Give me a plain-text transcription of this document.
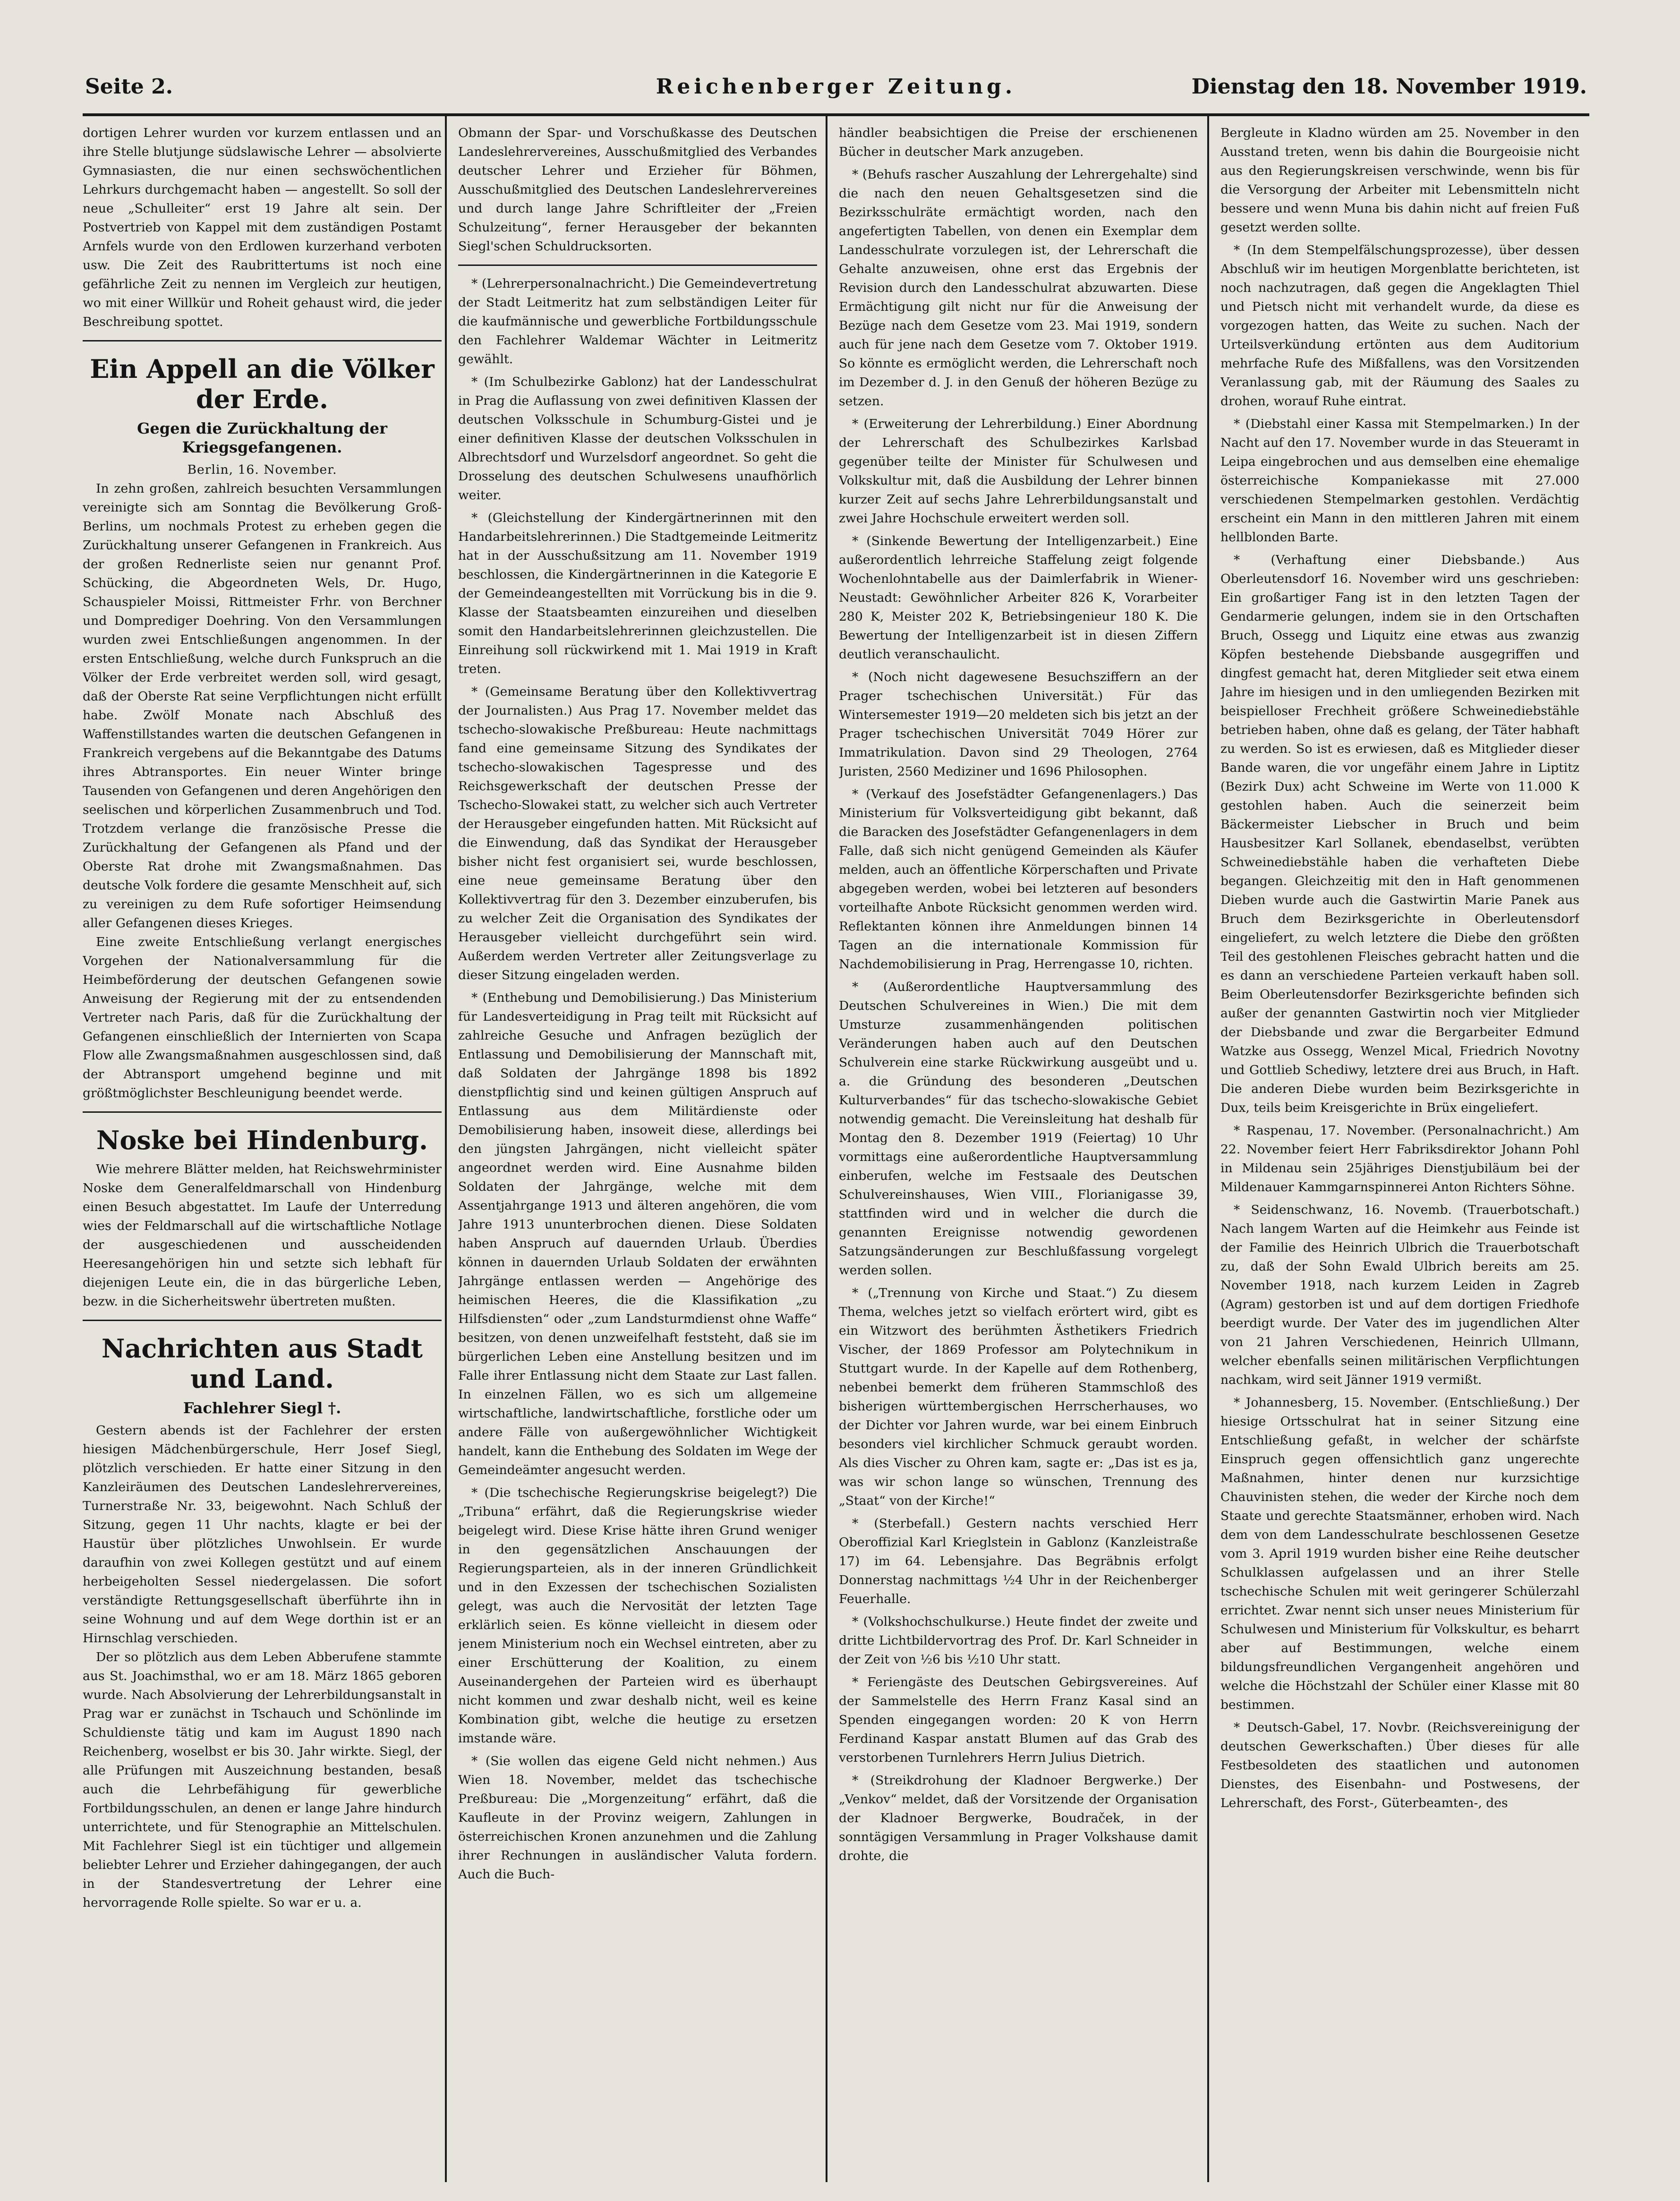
Seite 2.	Reichenberger Zeitung.	Dienstag den 18. November 1919.

dortigen Lehrer wurden vor kurzem entlassen und an ihre Stelle blutjunge südslawische Lehrer — absolvierte Gymnasiasten, die nur einen sechswöchentlichen Lehrkurs durchgemacht haben — angestellt. So soll der neue „Schulleiter“ erst 19 Jahre alt sein. Der Postvertrieb von Kappel mit dem zuständigen Postamt Arnfels wurde von den Erdlowen kurzerhand verboten usw. Die Zeit des Raubrittertums ist noch eine gefährliche Zeit zu nennen im Vergleich zur heutigen, wo mit einer Willkür und Roheit gehaust wird, die jeder Beschreibung spottet.

Ein Appell an die Völker der Erde.
Gegen die Zurückhaltung der Kriegsgefangenen.

Berlin, 16. November.

In zehn großen, zahlreich besuchten Versammlungen vereinigte sich am Sonntag die Bevölkerung Groß-Berlins, um nochmals Protest zu erheben gegen die Zurückhaltung unserer Gefangenen in Frankreich. Aus der großen Rednerliste seien nur genannt Prof. Schücking, die Abgeordneten Wels, Dr. Hugo, Schauspieler Moissi, Rittmeister Frhr. von Berchner und Domprediger Doehring. Von den Versammlungen wurden zwei Entschließungen angenommen. In der ersten Entschließung, welche durch Funkspruch an die Völker der Erde verbreitet werden soll, wird gesagt, daß der Oberste Rat seine Verpflichtungen nicht erfüllt habe. Zwölf Monate nach Abschluß des Waffenstillstandes warten die deutschen Gefangenen in Frankreich vergebens auf die Bekanntgabe des Datums ihres Abtransportes. Ein neuer Winter bringe Tausenden von Gefangenen und deren Angehörigen den seelischen und körperlichen Zusammenbruch und Tod. Trotzdem verlange die französische Presse die Zurückhaltung der Gefangenen als Pfand und der Oberste Rat drohe mit Zwangsmaßnahmen. Das deutsche Volk fordere die gesamte Menschheit auf, sich zu vereinigen zu dem Rufe sofortiger Heimsendung aller Gefangenen dieses Krieges.

Eine zweite Entschließung verlangt energisches Vorgehen der Nationalversammlung für die Heimbeförderung der deutschen Gefangenen sowie Anweisung der Regierung mit der zu entsendenden Vertreter nach Paris, daß für die Zurückhaltung der Gefangenen einschließlich der Internierten von Scapa Flow alle Zwangsmaßnahmen ausgeschlossen sind, daß der Abtransport umgehend beginne und mit größtmöglichster Beschleunigung beendet werde.

Noske bei Hindenburg.

Wie mehrere Blätter melden, hat Reichswehrminister Noske dem Generalfeldmarschall von Hindenburg einen Besuch abgestattet. Im Laufe der Unterredung wies der Feldmarschall auf die wirtschaftliche Notlage der ausgeschiedenen und ausscheidenden Heeresangehörigen hin und setzte sich lebhaft für diejenigen Leute ein, die in das bürgerliche Leben, bezw. in die Sicherheitswehr übertreten mußten.

Nachrichten aus Stadt und Land.
Fachlehrer Siegl †.

Gestern abends ist der Fachlehrer der ersten hiesigen Mädchenbürgerschule, Herr Josef Siegl, plötzlich verschieden. Er hatte einer Sitzung in den Kanzleiräumen des Deutschen Landeslehrervereines, Turnerstraße Nr. 33, beigewohnt. Nach Schluß der Sitzung, gegen 11 Uhr nachts, klagte er bei der Haustür über plötzliches Unwohlsein. Er wurde daraufhin von zwei Kollegen gestützt und auf einem herbeigeholten Sessel niedergelassen. Die sofort verständigte Rettungsgesellschaft überführte ihn in seine Wohnung und auf dem Wege dorthin ist er an Hirnschlag verschieden.

Der so plötzlich aus dem Leben Abberufene stammte aus St. Joachimsthal, wo er am 18. März 1865 geboren wurde. Nach Absolvierung der Lehrerbildungsanstalt in Prag war er zunächst in Tschauch und Schönlinde im Schuldienste tätig und kam im August 1890 nach Reichenberg, woselbst er bis 30. Jahr wirkte. Siegl, der alle Prüfungen mit Auszeichnung bestanden, besaß auch die Lehrbefähigung für gewerbliche Fortbildungsschulen, an denen er lange Jahre hindurch unterrichtete, und für Stenographie an Mittelschulen. Mit Fachlehrer Siegl ist ein tüchtiger und allgemein beliebter Lehrer und Erzieher dahingegangen, der auch in der Standesvertretung der Lehrer eine hervorragende Rolle spielte. So war er u. a.

Obmann der Spar- und Vorschußkasse des Deutschen Landeslehrervereines, Ausschußmitglied des Verbandes deutscher Lehrer und Erzieher für Böhmen, Ausschußmitglied des Deutschen Landeslehrervereines und durch lange Jahre Schriftleiter der „Freien Schulzeitung“, ferner Herausgeber der bekannten Siegl'schen Schuldrucksorten.

* (Lehrerpersonalnachricht.) Die Gemeindevertretung der Stadt Leitmeritz hat zum selbständigen Leiter für die kaufmännische und gewerbliche Fortbildungsschule den Fachlehrer Waldemar Wächter in Leitmeritz gewählt.

* (Im Schulbezirke Gablonz) hat der Landesschulrat in Prag die Auflassung von zwei definitiven Klassen der deutschen Volksschule in Schumburg-Gistei und je einer definitiven Klasse der deutschen Volksschulen in Albrechtsdorf und Wurzelsdorf angeordnet. So geht die Drosselung des deutschen Schulwesens unaufhörlich weiter.

* (Gleichstellung der Kindergärtnerinnen mit den Handarbeitslehrerinnen.) Die Stadtgemeinde Leitmeritz hat in der Ausschußsitzung am 11. November 1919 beschlossen, die Kindergärtnerinnen in die Kategorie E der Gemeindeangestellten mit Vorrückung bis in die 9. Klasse der Staatsbeamten einzureihen und dieselben somit den Handarbeitslehrerinnen gleichzustellen. Die Einreihung soll rückwirkend mit 1. Mai 1919 in Kraft treten.

* (Gemeinsame Beratung über den Kollektivvertrag der Journalisten.) Aus Prag 17. November meldet das tschecho-slowakische Preßbureau: Heute nachmittags fand eine gemeinsame Sitzung des Syndikates der tschecho-slowakischen Tagespresse und des Reichsgewerkschaft der deutschen Presse der Tschecho-Slowakei statt, zu welcher sich auch Vertreter der Herausgeber eingefunden hatten. Mit Rücksicht auf die Einwendung, daß das Syndikat der Herausgeber bisher nicht fest organisiert sei, wurde beschlossen, eine neue gemeinsame Beratung über den Kollektivvertrag für den 3. Dezember einzuberufen, bis zu welcher Zeit die Organisation des Syndikates der Herausgeber vielleicht durchgeführt sein wird. Außerdem werden Vertreter aller Zeitungsverlage zu dieser Sitzung eingeladen werden.

* (Enthebung und Demobilisierung.) Das Ministerium für Landesverteidigung in Prag teilt mit Rücksicht auf zahlreiche Gesuche und Anfragen bezüglich der Entlassung und Demobilisierung der Mannschaft mit, daß Soldaten der Jahrgänge 1898 bis 1892 dienstpflichtig sind und keinen gültigen Anspruch auf Entlassung aus dem Militärdienste oder Demobilisierung haben, insoweit diese, allerdings bei den jüngsten Jahrgängen, nicht vielleicht später angeordnet werden wird. Eine Ausnahme bilden Soldaten der Jahrgänge, welche mit dem Assentjahrgange 1913 und älteren angehören, die vom Jahre 1913 ununterbrochen dienen. Diese Soldaten haben Anspruch auf dauernden Urlaub. Überdies können in dauernden Urlaub Soldaten der erwähnten Jahrgänge entlassen werden — Angehörige des heimischen Heeres, die die Klassifikation „zu Hilfsdiensten“ oder „zum Landsturmdienst ohne Waffe“ besitzen, von denen unzweifelhaft feststeht, daß sie im bürgerlichen Leben eine Anstellung besitzen und im Falle ihrer Entlassung nicht dem Staate zur Last fallen. In einzelnen Fällen, wo es sich um allgemeine wirtschaftliche, landwirtschaftliche, forstliche oder um andere Fälle von außergewöhnlicher Wichtigkeit handelt, kann die Enthebung des Soldaten im Wege der Gemeindeämter angesucht werden.

* (Die tschechische Regierungskrise beigelegt?) Die „Tribuna“ erfährt, daß die Regierungskrise wieder beigelegt wird. Diese Krise hätte ihren Grund weniger in den gegensätzlichen Anschauungen der Regierungsparteien, als in der inneren Gründlichkeit und in den Exzessen der tschechischen Sozialisten gelegt, was auch die Nervosität der letzten Tage erklärlich seien. Es könne vielleicht in diesem oder jenem Ministerium noch ein Wechsel eintreten, aber zu einer Erschütterung der Koalition, zu einem Auseinandergehen der Parteien wird es überhaupt nicht kommen und zwar deshalb nicht, weil es keine Kombination gibt, welche die heutige zu ersetzen imstande wäre.

* (Sie wollen das eigene Geld nicht nehmen.) Aus Wien 18. November, meldet das tschechische Preßbureau: Die „Morgenzeitung“ erfährt, daß die Kaufleute in der Provinz weigern, Zahlungen in österreichischen Kronen anzunehmen und die Zahlung ihrer Rechnungen in ausländischer Valuta fordern. Auch die Buch-

händler beabsichtigen die Preise der erschienenen Bücher in deutscher Mark anzugeben.

* (Behufs rascher Auszahlung der Lehrergehalte) sind die nach den neuen Gehaltsgesetzen sind die Bezirksschulräte ermächtigt worden, nach den angefertigten Tabellen, von denen ein Exemplar dem Landesschulrate vorzulegen ist, der Lehrerschaft die Gehalte anzuweisen, ohne erst das Ergebnis der Revision durch den Landesschulrat abzuwarten. Diese Ermächtigung gilt nicht nur für die Anweisung der Bezüge nach dem Gesetze vom 23. Mai 1919, sondern auch für jene nach dem Gesetze vom 7. Oktober 1919. So könnte es ermöglicht werden, die Lehrerschaft noch im Dezember d. J. in den Genuß der höheren Bezüge zu setzen.

* (Erweiterung der Lehrerbildung.) Einer Abordnung der Lehrerschaft des Schulbezirkes Karlsbad gegenüber teilte der Minister für Schulwesen und Volkskultur mit, daß die Ausbildung der Lehrer binnen kurzer Zeit auf sechs Jahre Lehrerbildungsanstalt und zwei Jahre Hochschule erweitert werden soll.

* (Sinkende Bewertung der Intelligenzarbeit.) Eine außerordentlich lehrreiche Staffelung zeigt folgende Wochenlohntabelle aus der Daimlerfabrik in Wiener-Neustadt: Gewöhnlicher Arbeiter 826 K, Vorarbeiter 280 K, Meister 202 K, Betriebsingenieur 180 K. Die Bewertung der Intelligenzarbeit ist in diesen Ziffern deutlich veranschaulicht.

* (Noch nicht dagewesene Besuchsziffern an der Prager tschechischen Universität.) Für das Wintersemester 1919—20 meldeten sich bis jetzt an der Prager tschechischen Universität 7049 Hörer zur Immatrikulation. Davon sind 29 Theologen, 2764 Juristen, 2560 Mediziner und 1696 Philosophen.

* (Verkauf des Josefstädter Gefangenenlagers.) Das Ministerium für Volksverteidigung gibt bekannt, daß die Baracken des Josefstädter Gefangenenlagers in dem Falle, daß sich nicht genügend Gemeinden als Käufer melden, auch an öffentliche Körperschaften und Private abgegeben werden, wobei bei letzteren auf besonders vorteilhafte Anbote Rücksicht genommen werden wird. Reflektanten können ihre Anmeldungen binnen 14 Tagen an die internationale Kommission für Nachdemobilisierung in Prag, Herrengasse 10, richten.

* (Außerordentliche Hauptversammlung des Deutschen Schulvereines in Wien.) Die mit dem Umsturze zusammenhängenden politischen Veränderungen haben auch auf den Deutschen Schulverein eine starke Rückwirkung ausgeübt und u. a. die Gründung des besonderen „Deutschen Kulturverbandes“ für das tschecho-slowakische Gebiet notwendig gemacht. Die Vereinsleitung hat deshalb für Montag den 8. Dezember 1919 (Feiertag) 10 Uhr vormittags eine außerordentliche Hauptversammlung einberufen, welche im Festsaale des Deutschen Schulvereinshauses, Wien VIII., Florianigasse 39, stattfinden wird und in welcher die durch die genannten Ereignisse notwendig gewordenen Satzungsänderungen zur Beschlußfassung vorgelegt werden sollen.

* („Trennung von Kirche und Staat.“) Zu diesem Thema, welches jetzt so vielfach erörtert wird, gibt es ein Witzwort des berühmten Ästhetikers Friedrich Vischer, der 1869 Professor am Polytechnikum in Stuttgart wurde. In der Kapelle auf dem Rothenberg, nebenbei bemerkt dem früheren Stammschloß des bisherigen württembergischen Herrscherhauses, wo der Dichter vor Jahren wurde, war bei einem Einbruch besonders viel kirchlicher Schmuck geraubt worden. Als dies Vischer zu Ohren kam, sagte er: „Das ist es ja, was wir schon lange so wünschen, Trennung des „Staat“ von der Kirche!“

* (Sterbefall.) Gestern nachts verschied Herr Oberoffizial Karl Krieglstein in Gablonz (Kanzleistraße 17) im 64. Lebensjahre. Das Begräbnis erfolgt Donnerstag nachmittags ½4 Uhr in der Reichenberger Feuerhalle.

* (Volkshochschulkurse.) Heute findet der zweite und dritte Lichtbildervortrag des Prof. Dr. Karl Schneider in der Zeit von ½6 bis ½10 Uhr statt.

* Feriengäste des Deutschen Gebirgsvereines. Auf der Sammelstelle des Herrn Franz Kasal sind an Spenden eingegangen worden: 20 K von Herrn Ferdinand Kaspar anstatt Blumen auf das Grab des verstorbenen Turnlehrers Herrn Julius Dietrich.

* (Streikdrohung der Kladnoer Bergwerke.) Der „Venkov“ meldet, daß der Vorsitzende der Organisation der Kladnoer Bergwerke, Boudraček, in der sonntägigen Versammlung in Prager Volkshause damit drohte, die

Bergleute in Kladno würden am 25. November in den Ausstand treten, wenn bis dahin die Bourgeoisie nicht aus den Regierungskreisen verschwinde, wenn bis für die Versorgung der Arbeiter mit Lebensmitteln nicht bessere und wenn Muna bis dahin nicht auf freien Fuß gesetzt werden sollte.

* (In dem Stempelfälschungsprozesse), über dessen Abschluß wir im heutigen Morgenblatte berichteten, ist noch nachzutragen, daß gegen die Angeklagten Thiel und Pietsch nicht mit verhandelt wurde, da diese es vorgezogen hatten, das Weite zu suchen. Nach der Urteilsverkündung ertönten aus dem Auditorium mehrfache Rufe des Mißfallens, was den Vorsitzenden Veranlassung gab, mit der Räumung des Saales zu drohen, worauf Ruhe eintrat.

* (Diebstahl einer Kassa mit Stempelmarken.) In der Nacht auf den 17. November wurde in das Steueramt in Leipa eingebrochen und aus demselben eine ehemalige österreichische Kompaniekasse mit 27.000 verschiedenen Stempelmarken gestohlen. Verdächtig erscheint ein Mann in den mittleren Jahren mit einem hellblonden Barte.

* (Verhaftung einer Diebsbande.) Aus Oberleutensdorf 16. November wird uns geschrieben: Ein großartiger Fang ist in den letzten Tagen der Gendarmerie gelungen, indem sie in den Ortschaften Bruch, Ossegg und Liquitz eine etwas aus zwanzig Köpfen bestehende Diebsbande ausgegriffen und dingfest gemacht hat, deren Mitglieder seit etwa einem Jahre im hiesigen und in den umliegenden Bezirken mit beispielloser Frechheit größere Schweinediebstähle betrieben haben, ohne daß es gelang, der Täter habhaft zu werden. So ist es erwiesen, daß es Mitglieder dieser Bande waren, die vor ungefähr einem Jahre in Liptitz (Bezirk Dux) acht Schweine im Werte von 11.000 K gestohlen haben. Auch die seinerzeit beim Bäckermeister Liebscher in Bruch und beim Hausbesitzer Karl Sollanek, ebendaselbst, verübten Schweinediebstähle haben die verhafteten Diebe begangen. Gleichzeitig mit den in Haft genommenen Dieben wurde auch die Gastwirtin Marie Panek aus Bruch dem Bezirksgerichte in Oberleutensdorf eingeliefert, zu welch letztere die Diebe den größten Teil des gestohlenen Fleisches gebracht hatten und die es dann an verschiedene Parteien verkauft haben soll. Beim Oberleutensdorfer Bezirksgerichte befinden sich außer der genannten Gastwirtin noch vier Mitglieder der Diebsbande und zwar die Bergarbeiter Edmund Watzke aus Ossegg, Wenzel Mical, Friedrich Novotny und Gottlieb Schediwy, letztere drei aus Bruch, in Haft. Die anderen Diebe wurden beim Bezirksgerichte in Dux, teils beim Kreisgerichte in Brüx eingeliefert.

* Raspenau, 17. November. (Personalnachricht.) Am 22. November feiert Herr Fabriksdirektor Johann Pohl in Mildenau sein 25jähriges Dienstjubiläum bei der Mildenauer Kammgarnspinnerei Anton Richters Söhne.

* Seidenschwanz, 16. Novemb. (Trauerbotschaft.) Nach langem Warten auf die Heimkehr aus Feinde ist der Familie des Heinrich Ulbrich die Trauerbotschaft zu, daß der Sohn Ewald Ulbrich bereits am 25. November 1918, nach kurzem Leiden in Zagreb (Agram) gestorben ist und auf dem dortigen Friedhofe beerdigt wurde. Der Vater des im jugendlichen Alter von 21 Jahren Verschiedenen, Heinrich Ullmann, welcher ebenfalls seinen militärischen Verpflichtungen nachkam, wird seit Jänner 1919 vermißt.

* Johannesberg, 15. November. (Entschließung.) Der hiesige Ortsschulrat hat in seiner Sitzung eine Entschließung gefaßt, in welcher der schärfste Einspruch gegen offensichtlich ganz ungerechte Maßnahmen, hinter denen nur kurzsichtige Chauvinisten stehen, die weder der Kirche noch dem Staate und gerechte Staatsmänner, erhoben wird. Nach dem von dem Landesschulrate beschlossenen Gesetze vom 3. April 1919 wurden bisher eine Reihe deutscher Schulklassen aufgelassen und an ihrer Stelle tschechische Schulen mit weit geringerer Schülerzahl errichtet. Zwar nennt sich unser neues Ministerium für Schulwesen und Ministerium für Volkskultur, es beharrt aber auf Bestimmungen, welche einem bildungsfreundlichen Vergangenheit angehören und welche die Höchstzahl der Schüler einer Klasse mit 80 bestimmen.

* Deutsch-Gabel, 17. Novbr. (Reichsvereinigung der deutschen Gewerkschaften.) Über dieses für alle Festbesoldeten des staatlichen und autonomen Dienstes, des Eisenbahn- und Postwesens, der Lehrerschaft, des Forst-, Güterbeamten-, des
